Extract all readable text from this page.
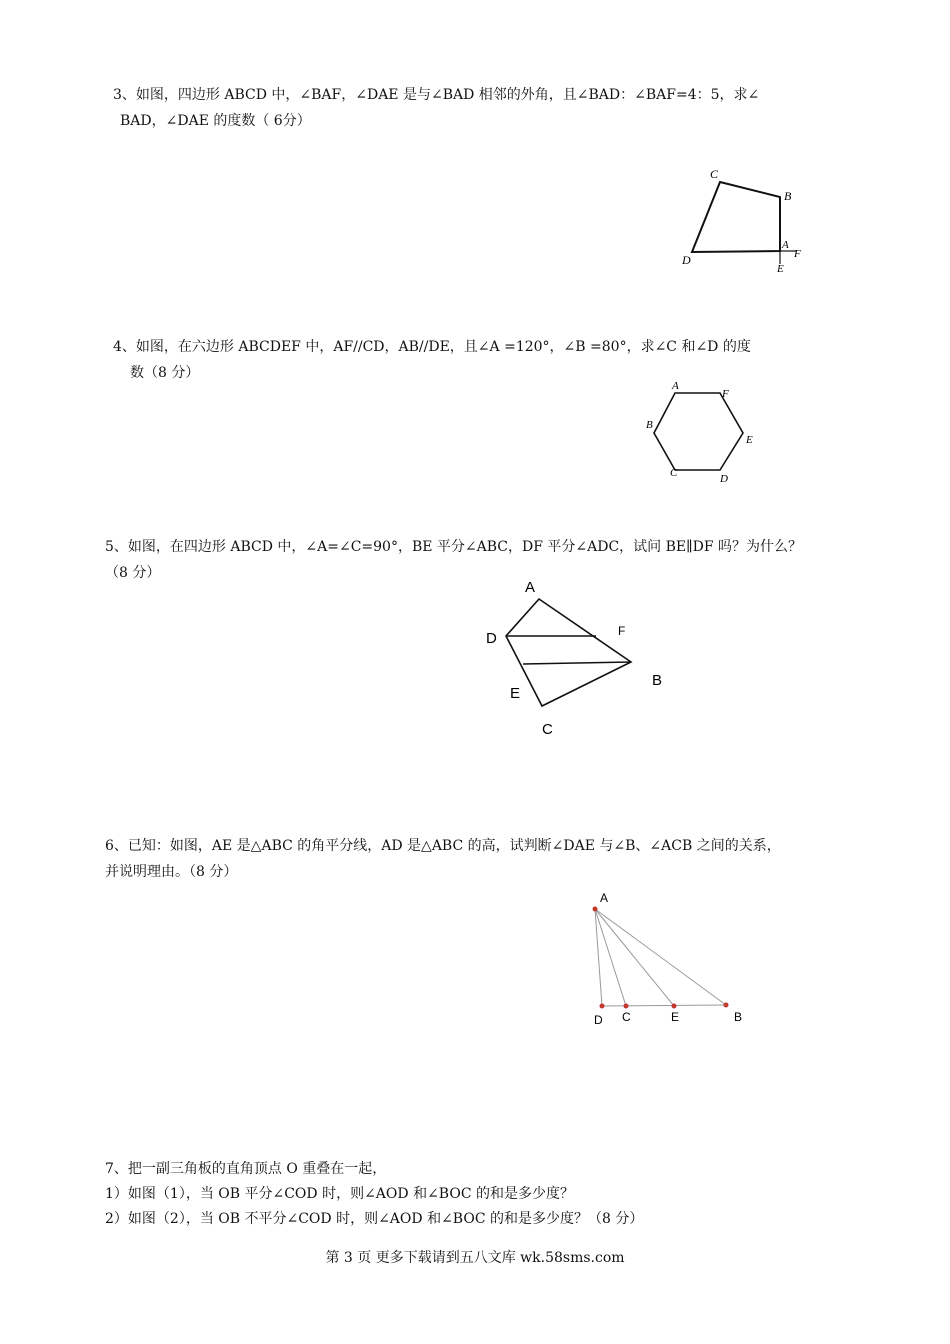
3、如图，四边形 ABCD 中，∠BAF，∠DAE 是与∠BAD 相邻的外角，且∠BAD：∠BAF=4：5，求∠
BAD，∠DAE 的度数（ 6分）
C
B
A
F
D
E
4、如图，在六边形 ABCDEF 中，AF//CD，AB//DE，且∠A =120°，∠B =80°，求∠C 和∠D 的度
数（8 分）
A
F
B
E
C	D
5、如图，在四边形 ABCD 中，∠A=∠C=90°，BE 平分∠ABC，DF 平分∠ADC，试问 BE∥DF 吗？为什么？
（8 分）
A
F
D
B
E
C
6、已知：如图，AE 是△ABC 的角平分线，AD 是△ABC 的高，试判断∠DAE 与∠B、∠ACB 之间的关系，
并说明理由。（8 分）
A
D C	E	B
7、把一副三角板的直角顶点 O 重叠在一起，
1）如图（1），当 OB 平分∠COD 时，则∠AOD 和∠BOC 的和是多少度？
2）如图（2），当 OB 不平分∠COD 时，则∠AOD 和∠BOC 的和是多少度？（8 分）
第 3 页 更多下载请到五八文库 wk.58sms.com
